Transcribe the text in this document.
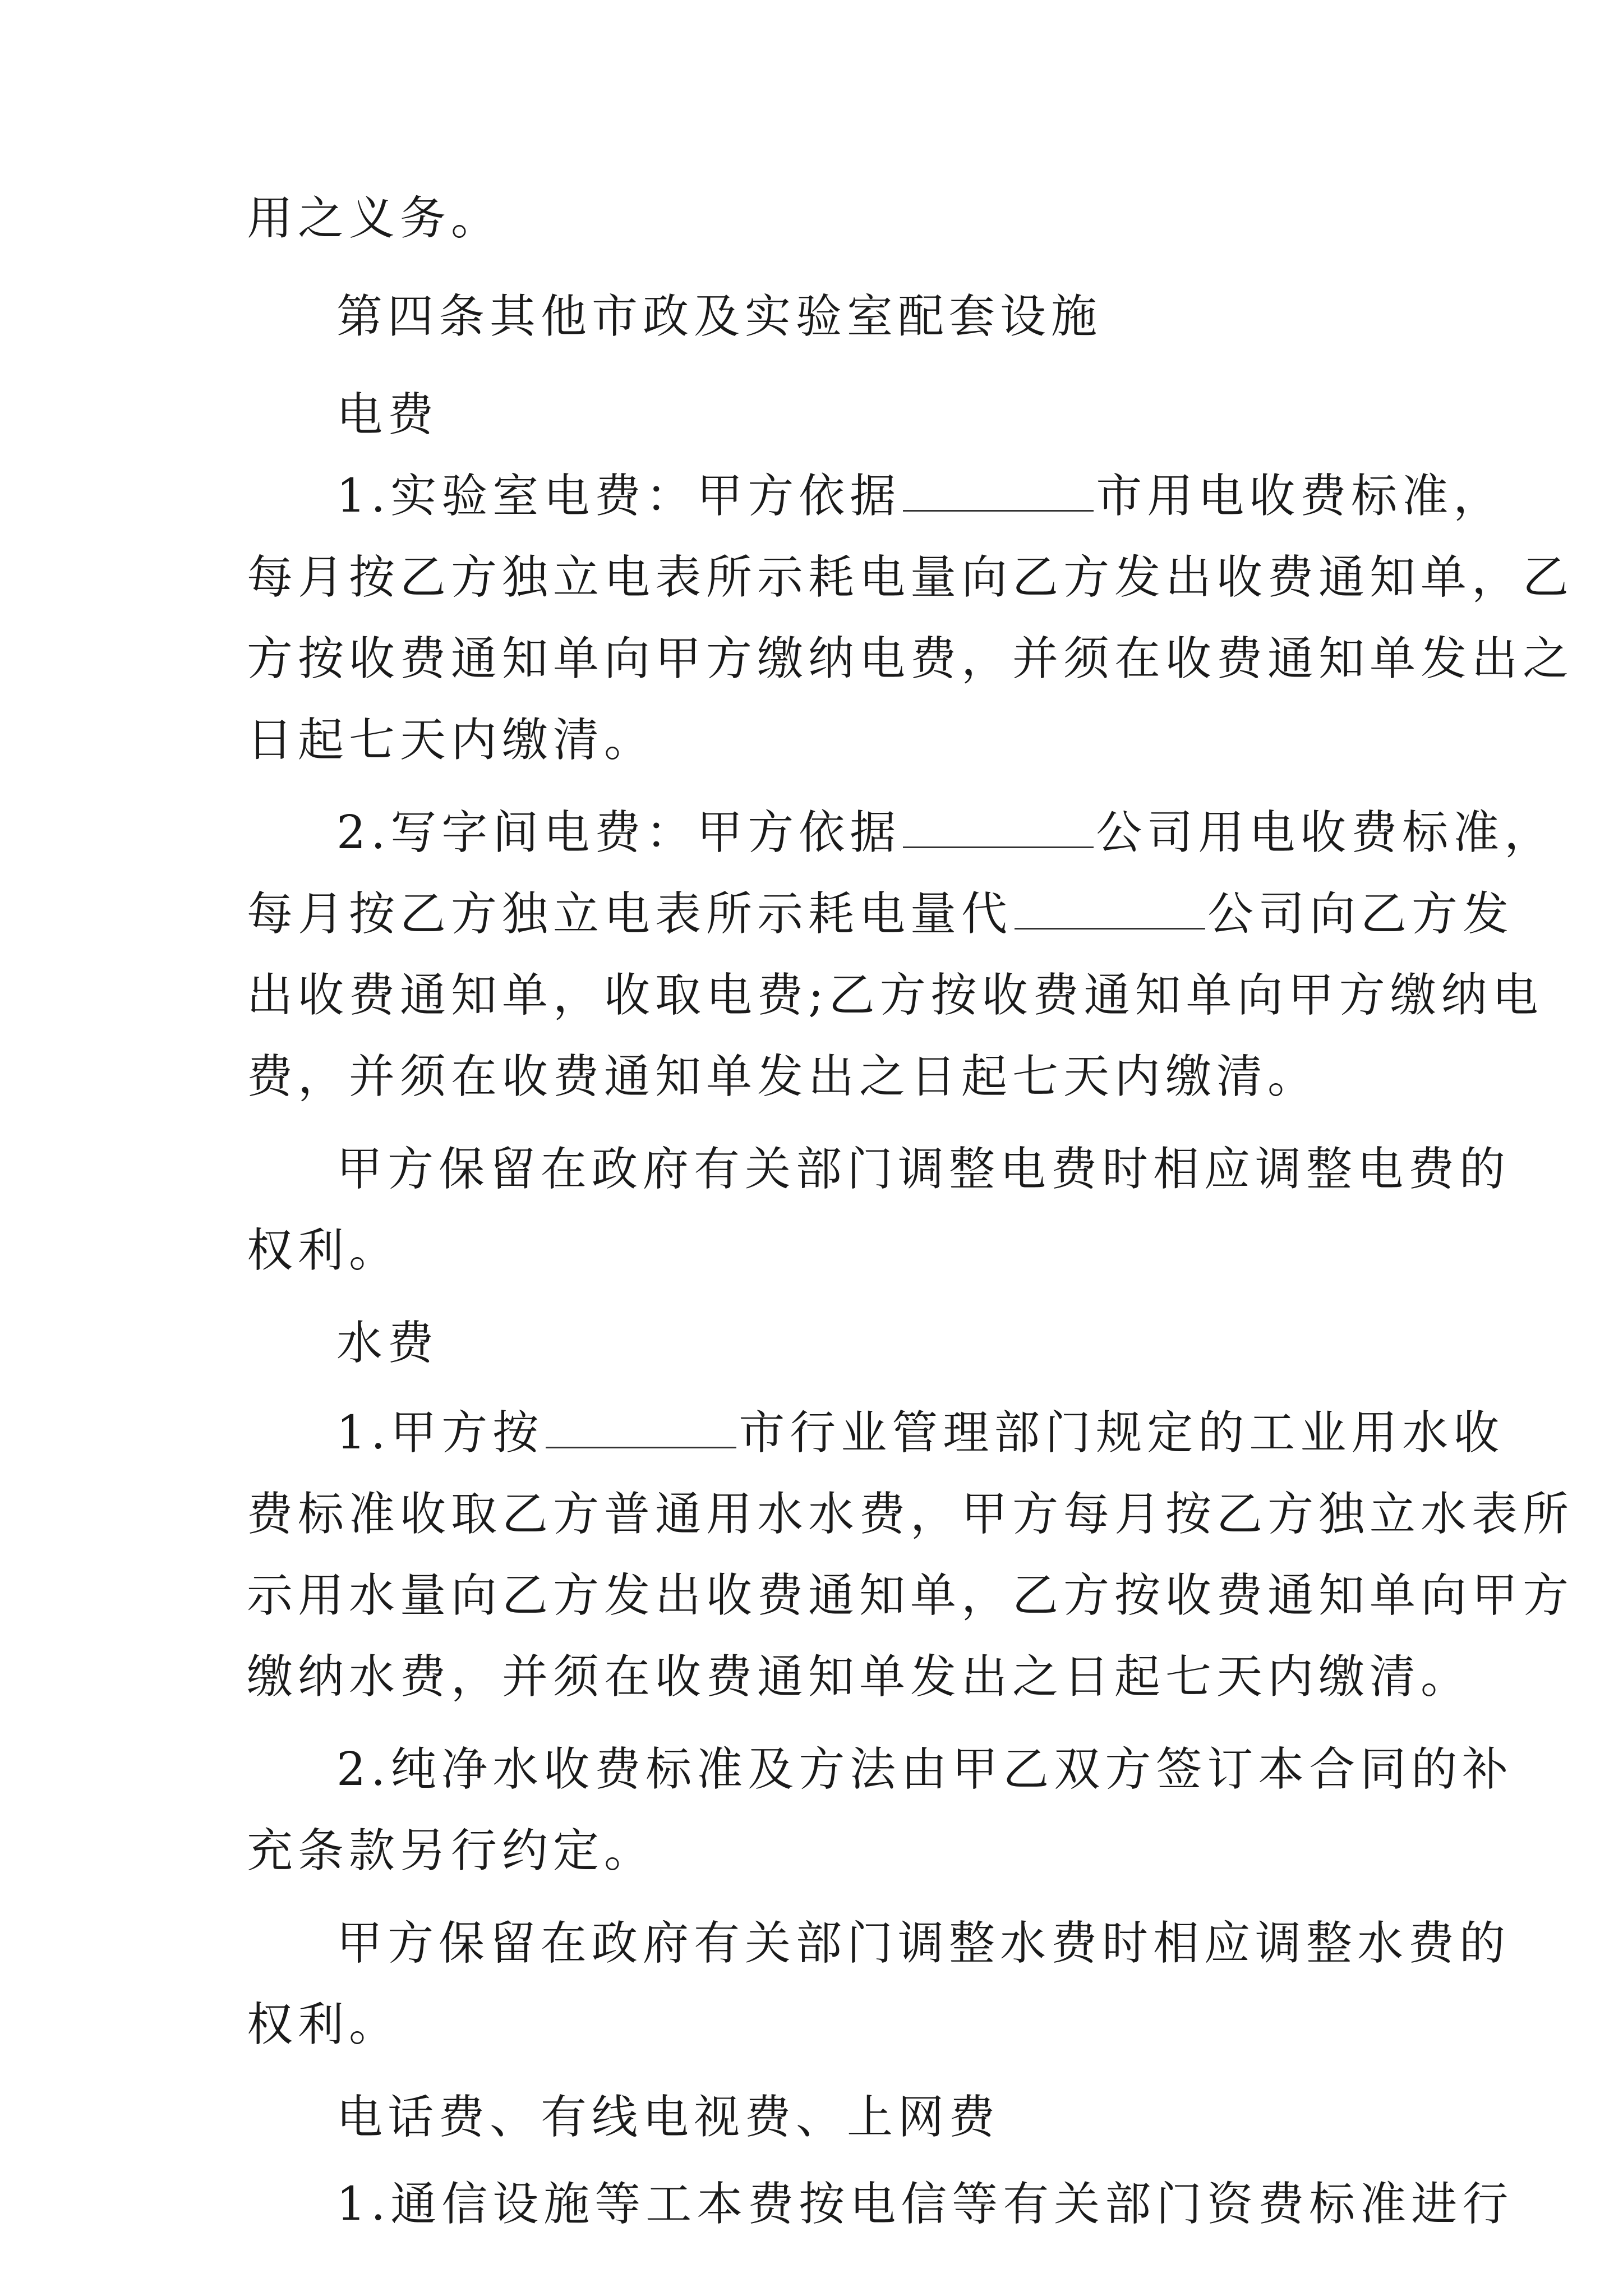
用之义务。
第四条其他市政及实验室配套设施
电费
1.实验室电费：甲方依据	市用电收费标准，
每月按乙方独立电表所示耗电量向乙方发出收费通知单，乙
方按收费通知单向甲方缴纳电费，并须在收费通知单发出之
日起七天内缴清。
2.写字间电费：甲方依据	公司用电收费标准，
每月按乙方独立电表所示耗电量代	公司向乙方发
出收费通知单，收取电费;乙方按收费通知单向甲方缴纳电
费，并须在收费通知单发出之日起七天内缴清。
甲方保留在政府有关部门调整电费时相应调整电费的
权利。
水费
1.甲方按	市行业管理部门规定的工业用水收
费标准收取乙方普通用水水费，甲方每月按乙方独立水表所
示用水量向乙方发出收费通知单，乙方按收费通知单向甲方
缴纳水费，并须在收费通知单发出之日起七天内缴清。
2.纯净水收费标准及方法由甲乙双方签订本合同的补
充条款另行约定。
甲方保留在政府有关部门调整水费时相应调整水费的
权利。
电话费、有线电视费、上网费
1.通信设施等工本费按电信等有关部门资费标准进行
